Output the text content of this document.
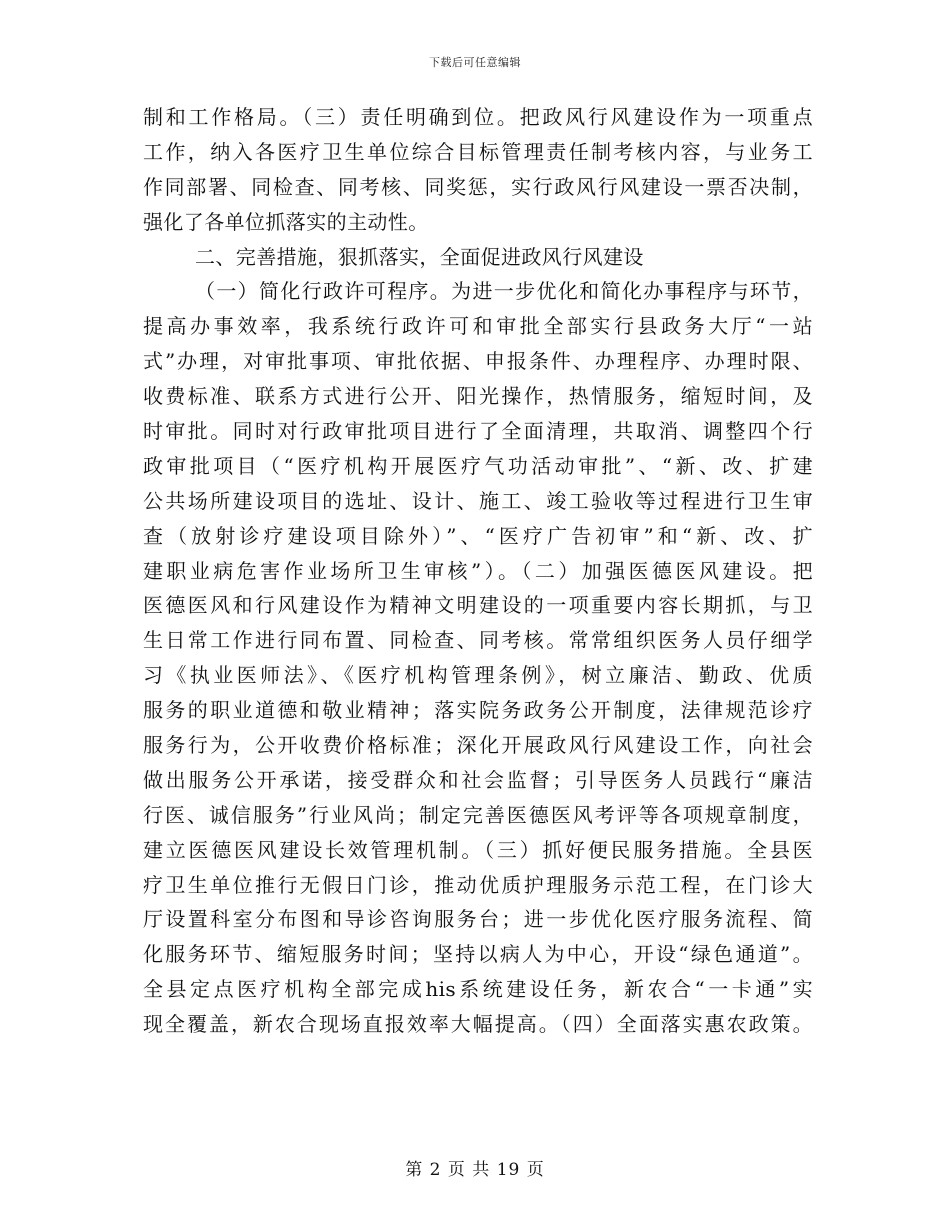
下载后可任意编辑
制和工作格局。（三）责任明确到位。把政风行风建设作为一项重点
工作，纳入各医疗卫生单位综合目标管理责任制考核内容，与业务工
作同部署、同检查、同考核、同奖惩，实行政风行风建设一票否决制，
强化了各单位抓落实的主动性。
二、完善措施，狠抓落实，全面促进政风行风建设
（一）简化行政许可程序。为进一步优化和简化办事程序与环节，
提高办事效率，我系统行政许可和审批全部实行县政务大厅“一站
式”办理，对审批事项、审批依据、申报条件、办理程序、办理时限、
收费标准、联系方式进行公开、阳光操作，热情服务，缩短时间，及
时审批。同时对行政审批项目进行了全面清理，共取消、调整四个行
政审批项目（“医疗机构开展医疗气功活动审批”、“新、改、扩建
公共场所建设项目的选址、设计、施工、竣工验收等过程进行卫生审
查（放射诊疗建设项目除外）”、“医疗广告初审”和“新、改、扩
建职业病危害作业场所卫生审核”）。（二）加强医德医风建设。把
医德医风和行风建设作为精神文明建设的一项重要内容长期抓，与卫
生日常工作进行同布置、同检查、同考核。常常组织医务人员仔细学
习《执业医师法》、《医疗机构管理条例》，树立廉洁、勤政、优质
服务的职业道德和敬业精神；落实院务政务公开制度，法律规范诊疗
服务行为，公开收费价格标准；深化开展政风行风建设工作，向社会
做出服务公开承诺，接受群众和社会监督；引导医务人员践行“廉洁
行医、诚信服务”行业风尚；制定完善医德医风考评等各项规章制度，
建立医德医风建设长效管理机制。（三）抓好便民服务措施。全县医
疗卫生单位推行无假日门诊，推动优质护理服务示范工程，在门诊大
厅设置科室分布图和导诊咨询服务台；进一步优化医疗服务流程、简
化服务环节、缩短服务时间；坚持以病人为中心，开设“绿色通道”。
全县定点医疗机构全部完成his系统建设任务，新农合“一卡通”实
现全覆盖，新农合现场直报效率大幅提高。（四）全面落实惠农政策。
第 2 页 共 19 页
